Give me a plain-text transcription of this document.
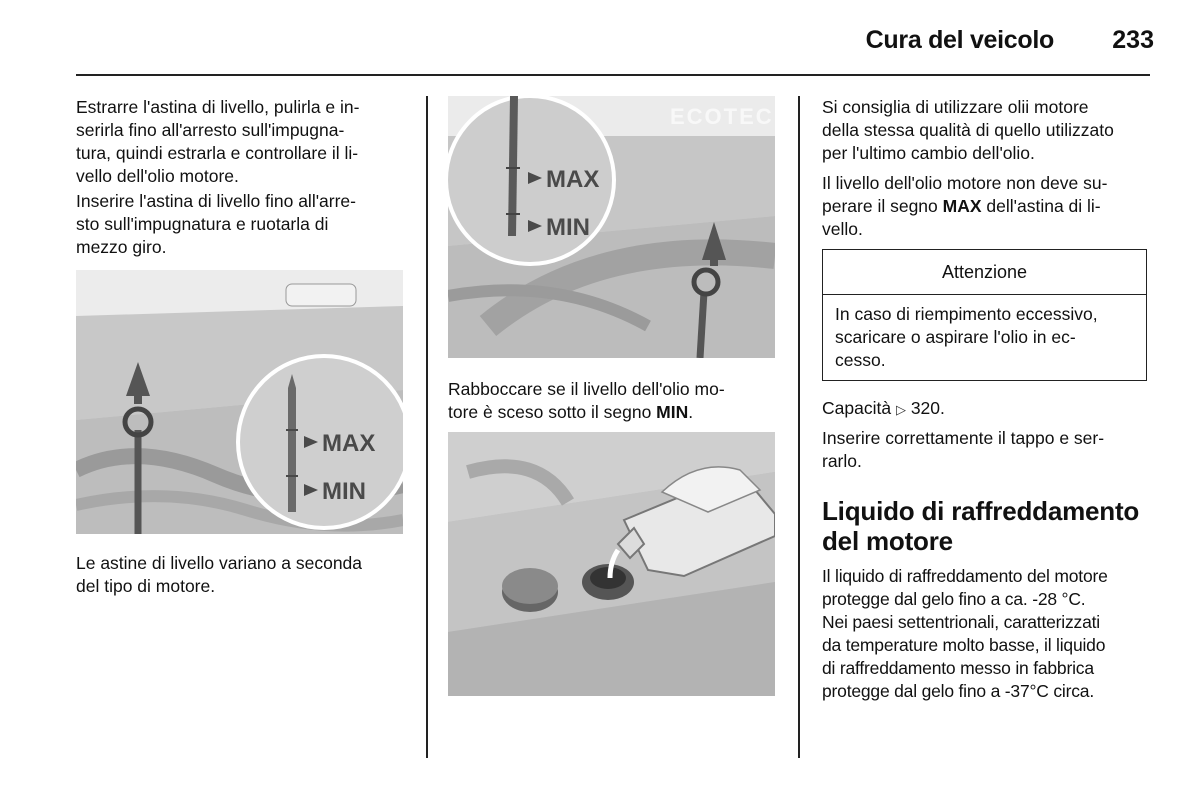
Cura del veicolo	233

Estrarre l'astina di livello, pulirla e in-
serirla fino all'arresto sull'impugna-
tura, quindi estrarla e controllare il li-
vello dell'olio motore.

Inserire l'astina di livello fino all'arre-
sto sull'impugnatura e ruotarla di
mezzo giro.

MAX
MIN

Le astine di livello variano a seconda
del tipo di motore.

ECOTEC
MAX
MIN

Rabboccare se il livello dell'olio mo-
tore è sceso sotto il segno MIN.

Si consiglia di utilizzare olii motore
della stessa qualità di quello utilizzato
per l'ultimo cambio dell'olio.

Il livello dell'olio motore non deve su-
perare il segno MAX dell'astina di li-
vello.

Attenzione

In caso di riempimento eccessivo,
scaricare o aspirare l'olio in ec-
cesso.

Capacità ▷ 320.

Inserire correttamente il tappo e ser-
rarlo.

Liquido di raffreddamento
del motore

Il liquido di raffreddamento del motore
protegge dal gelo fino a ca. -28 °C.
Nei paesi settentrionali, caratterizzati
da temperature molto basse, il liquido
di raffreddamento messo in fabbrica
protegge dal gelo fino a -37°C circa.
